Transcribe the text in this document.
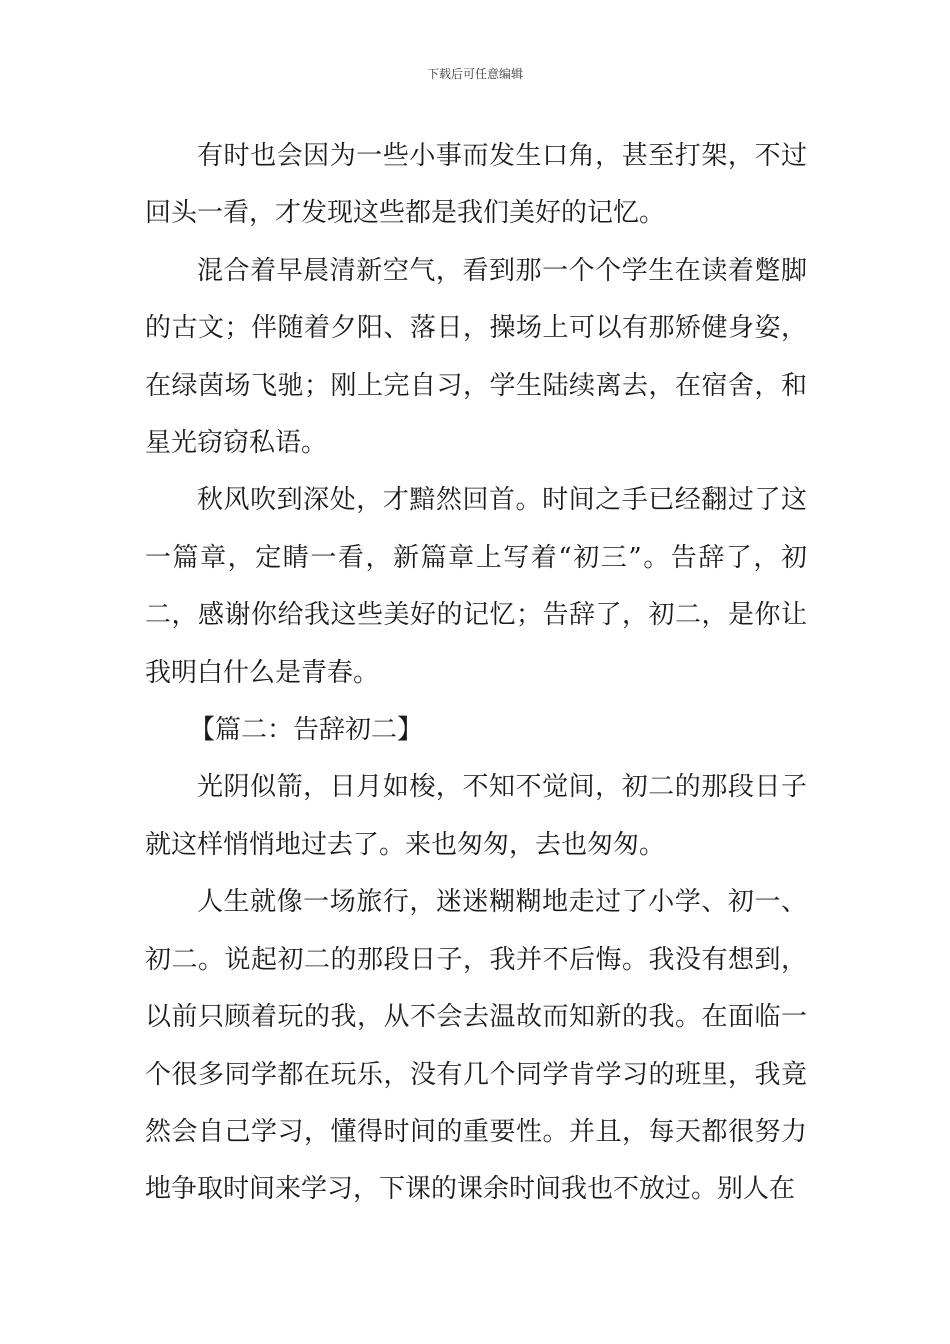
下载后可任意编辑

有时也会因为一些小事而发生口角，甚至打架，不过回头一看，才发现这些都是我们美好的记忆。

混合着早晨清新空气，看到那一个个学生在读着蹩脚的古文；伴随着夕阳、落日，操场上可以有那矫健身姿，在绿茵场飞驰；刚上完自习，学生陆续离去，在宿舍，和星光窃窃私语。

秋风吹到深处，才黯然回首。时间之手已经翻过了这一篇章，定睛一看，新篇章上写着“初三”。告辞了，初二，感谢你给我这些美好的记忆；告辞了，初二，是你让我明白什么是青春。

【篇二：告辞初二】

光阴似箭，日月如梭，不知不觉间，初二的那段日子就这样悄悄地过去了。来也匆匆，去也匆匆。

人生就像一场旅行，迷迷糊糊地走过了小学、初一、初二。说起初二的那段日子，我并不后悔。我没有想到，以前只顾着玩的我，从不会去温故而知新的我。在面临一个很多同学都在玩乐，没有几个同学肯学习的班里，我竟然会自己学习，懂得时间的重要性。并且，每天都很努力地争取时间来学习，下课的课余时间我也不放过。别人在
